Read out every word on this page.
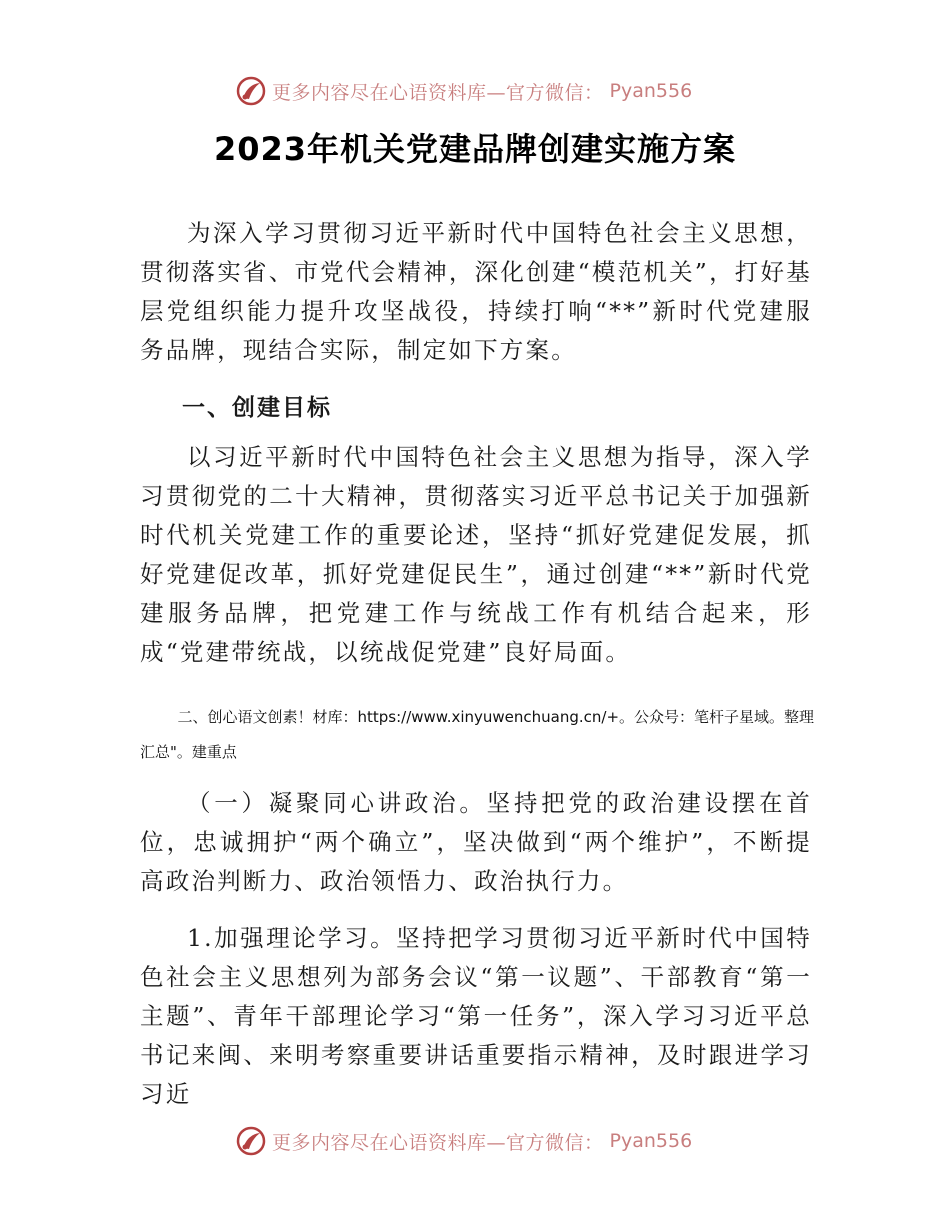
更多内容尽在心语资料库—官方微信： Pyan556
2023年机关党建品牌创建实施方案

为深入学习贯彻习近平新时代中国特色社会主义思想，贯彻落实省、市党代会精神，深化创建“模范机关”，打好基层党组织能力提升攻坚战役，持续打响“**”新时代党建服务品牌，现结合实际，制定如下方案。

一、创建目标

以习近平新时代中国特色社会主义思想为指导，深入学习贯彻党的二十大精神，贯彻落实习近平总书记关于加强新时代机关党建工作的重要论述，坚持“抓好党建促发展，抓好党建促改革，抓好党建促民生”，通过创建“**”新时代党建服务品牌，把党建工作与统战工作有机结合起来，形成“党建带统战，以统战促党建”良好局面。

二、创心语文创素！材库：https://www.xinyuwenchuang.cn/+。公众号：笔杆子星域。整理汇总"。建重点

（一）凝聚同心讲政治。坚持把党的政治建设摆在首位，忠诚拥护“两个确立”，坚决做到“两个维护”，不断提高政治判断力、政治领悟力、政治执行力。

1.加强理论学习。坚持把学习贯彻习近平新时代中国特色社会主义思想列为部务会议“第一议题”、干部教育“第一主题”、青年干部理论学习“第一任务”，深入学习习近平总书记来闽、来明考察重要讲话重要指示精神，及时跟进学习习近

更多内容尽在心语资料库—官方微信： Pyan556
